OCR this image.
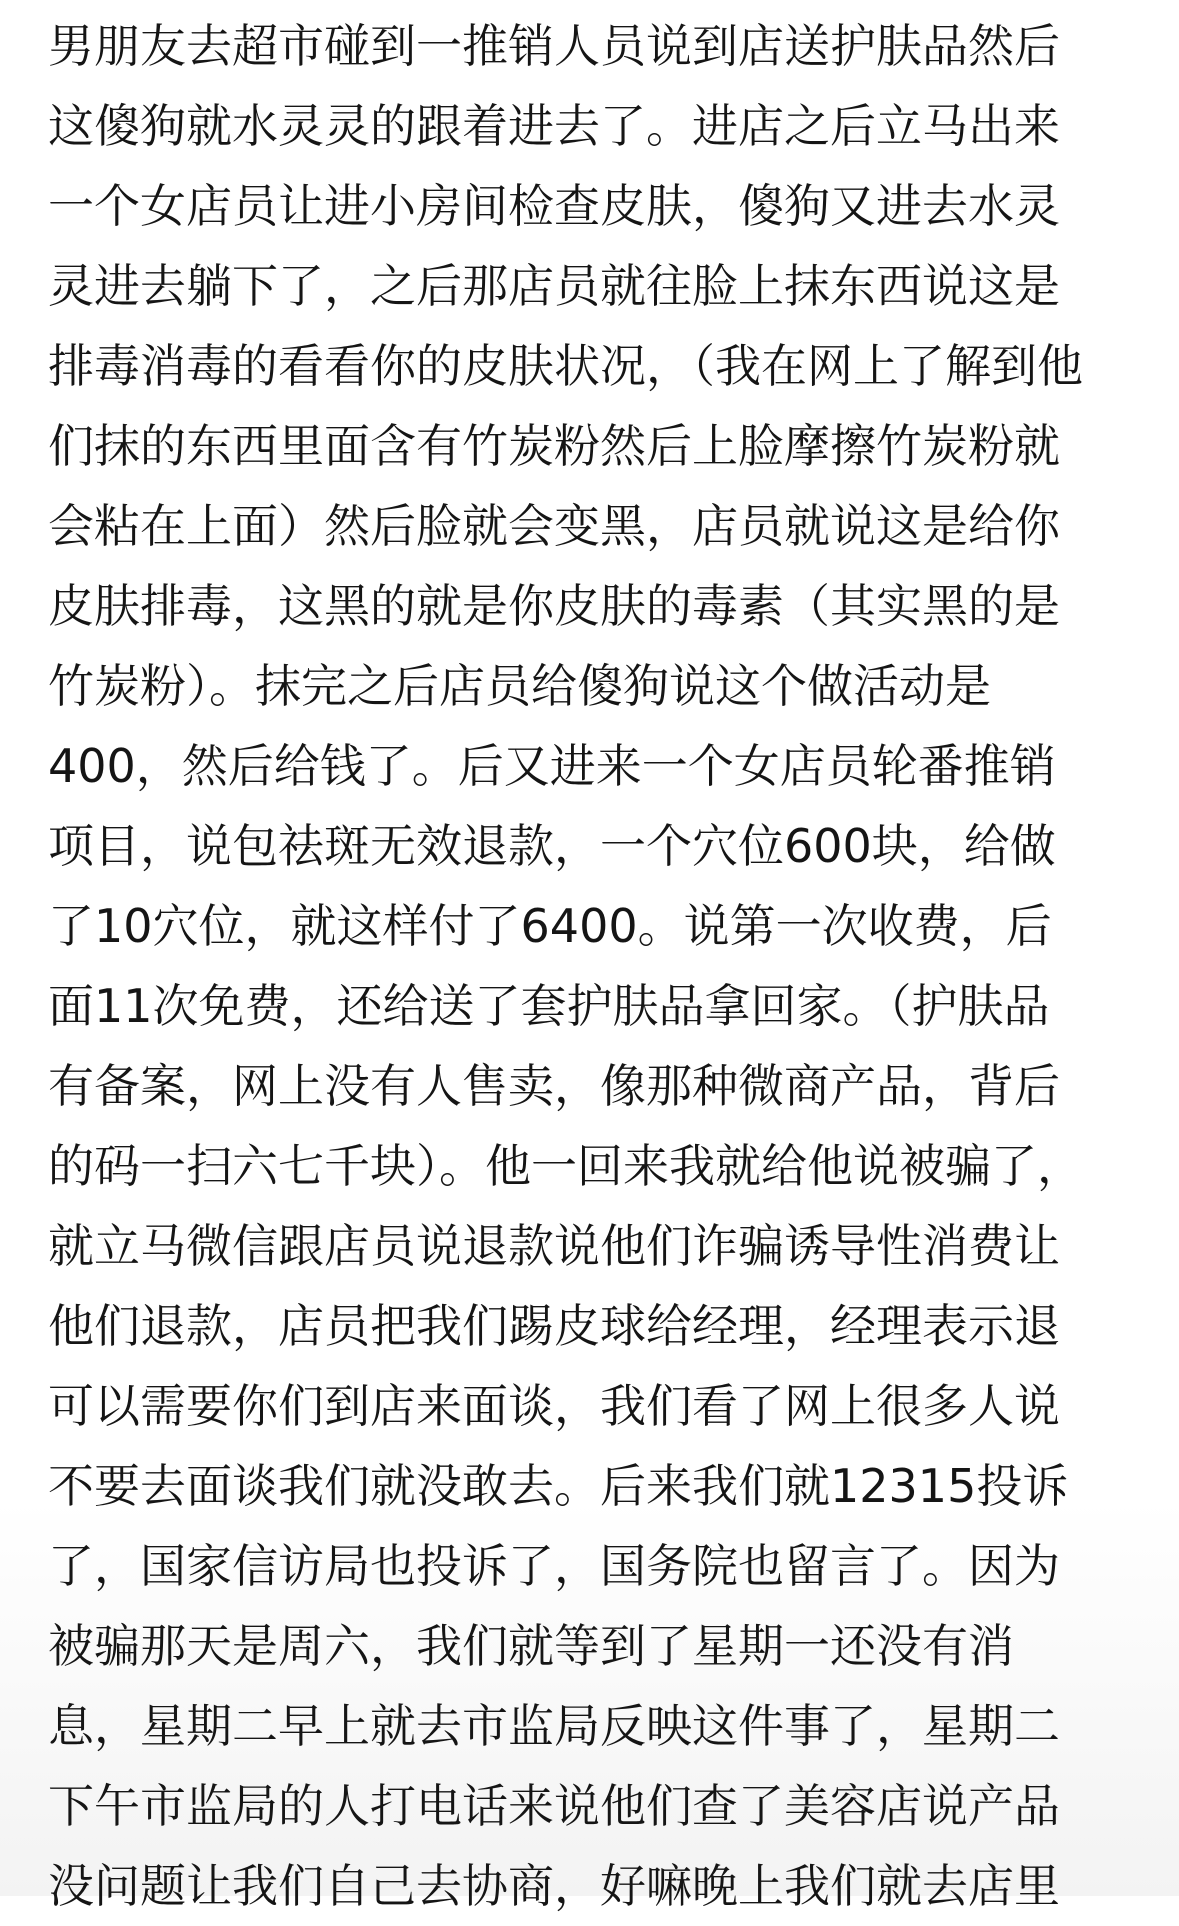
男朋友去超市碰到一推销人员说到店送护肤品然后
这傻狗就水灵灵的跟着进去了。进店之后立马出来
一个女店员让进小房间检查皮肤，傻狗又进去水灵
灵进去躺下了，之后那店员就往脸上抹东西说这是
排毒消毒的看看你的皮肤状况，（我在网上了解到他
们抹的东西里面含有竹炭粉然后上脸摩擦竹炭粉就
会粘在上面）然后脸就会变黑，店员就说这是给你
皮肤排毒，这黑的就是你皮肤的毒素（其实黑的是
竹炭粉）。抹完之后店员给傻狗说这个做活动是
400，然后给钱了。后又进来一个女店员轮番推销
项目，说包祛斑无效退款，一个穴位600块，给做
了10穴位，就这样付了6400。说第一次收费，后
面11次免费，还给送了套护肤品拿回家。（护肤品
有备案，网上没有人售卖，像那种微商产品，背后
的码一扫六七千块）。他一回来我就给他说被骗了，
就立马微信跟店员说退款说他们诈骗诱导性消费让
他们退款，店员把我们踢皮球给经理，经理表示退
可以需要你们到店来面谈，我们看了网上很多人说
不要去面谈我们就没敢去。后来我们就12315投诉
了，国家信访局也投诉了，国务院也留言了。因为
被骗那天是周六，我们就等到了星期一还没有消
息，星期二早上就去市监局反映这件事了，星期二
下午市监局的人打电话来说他们查了美容店说产品
没问题让我们自己去协商，好嘛晚上我们就去店里
